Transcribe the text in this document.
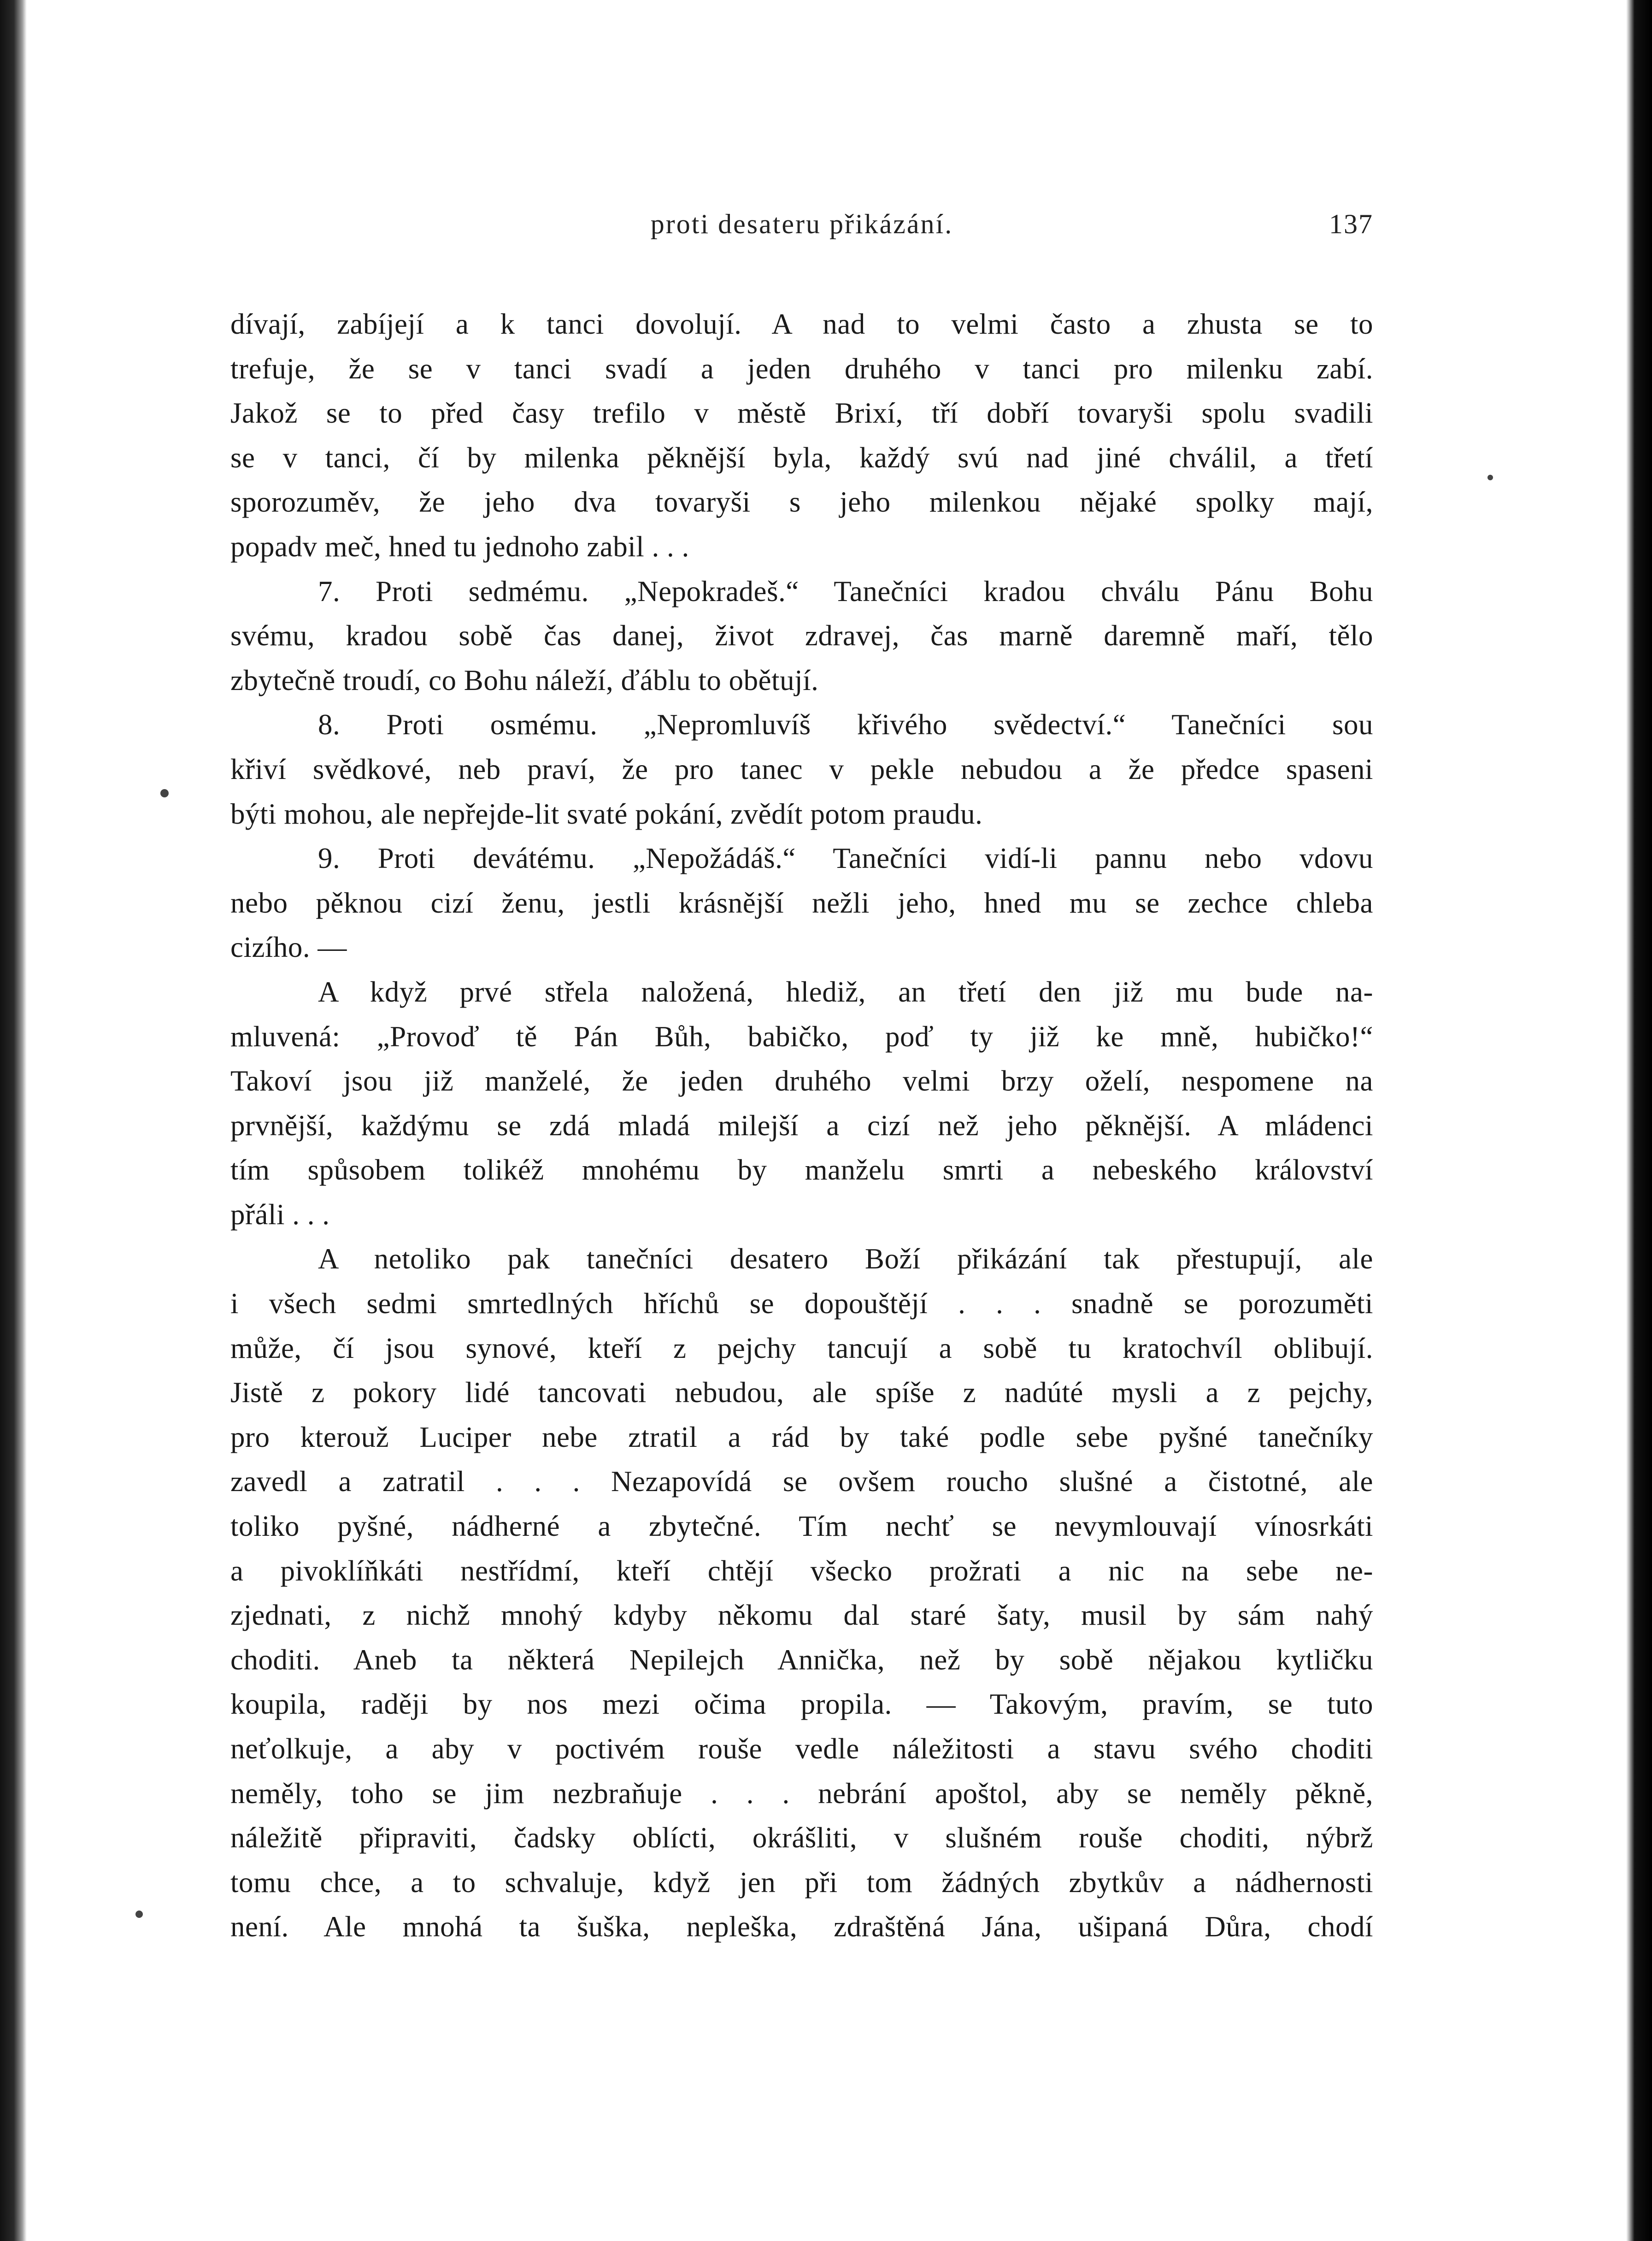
proti desateru přikázání.	137
dívají, zabíjejí a k tanci dovolují. A nad to velmi často a zhusta se to
trefuje, že se v tanci svadí a jeden druhého v tanci pro milenku zabí.
Jakož se to před časy trefilo v městě Brixí, tří dobří tovaryši spolu svadili
se v tanci, čí by milenka pěknější byla, každý svú nad jiné chválil, a třetí
sporozuměv, že jeho dva tovaryši s jeho milenkou nějaké spolky mají,
popadv meč, hned tu jednoho zabil . . .
7. Proti sedmému. „Nepokradeš.“ Tanečníci kradou chválu Pánu Bohu
svému, kradou sobě čas danej, život zdravej, čas marně daremně maří, tělo
zbytečně troudí, co Bohu náleží, ďáblu to obětují.
8. Proti osmému. „Nepromluvíš křivého svědectví.“ Tanečníci sou
křiví svědkové, neb praví, že pro tanec v pekle nebudou a že předce spaseni
býti mohou, ale nepřejde-lit svaté pokání, zvědít potom praudu.
9. Proti devátému. „Nepožádáš.“ Tanečníci vidí-li pannu nebo vdovu
nebo pěknou cizí ženu, jestli krásnější nežli jeho, hned mu se zechce chleba
cizího. —
A když prvé střela naložená, hlediž, an třetí den již mu bude na-
mluvená: „Provoď tě Pán Bůh, babičko, poď ty již ke mně, hubičko!“
Takoví jsou již manželé, že jeden druhého velmi brzy oželí, nespomene na
prvnější, každýmu se zdá mladá milejší a cizí než jeho pěknější. A mládenci
tím spůsobem tolikéž mnohému by manželu smrti a nebeského království
přáli . . .
A netoliko pak tanečníci desatero Boží přikázání tak přestupují, ale
i všech sedmi smrtedlných hříchů se dopouštějí . . . snadně se porozuměti
může, čí jsou synové, kteří z pejchy tancují a sobě tu kratochvíl oblibují.
Jistě z pokory lidé tancovati nebudou, ale spíše z nadúté mysli a z pejchy,
pro kterouž Luciper nebe ztratil a rád by také podle sebe pyšné tanečníky
zavedl a zatratil . . . Nezapovídá se ovšem roucho slušné a čistotné, ale
toliko pyšné, nádherné a zbytečné. Tím nechť se nevymlouvají vínosrkáti
a pivoklíňkáti nestřídmí, kteří chtějí všecko prožrati a nic na sebe ne-
zjednati, z nichž mnohý kdyby někomu dal staré šaty, musil by sám nahý
choditi. Aneb ta některá Nepilejch Annička, než by sobě nějakou kytličku
koupila, raději by nos mezi očima propila. — Takovým, pravím, se tuto
neťolkuje, a aby v poctivém rouše vedle náležitosti a stavu svého choditi
neměly, toho se jim nezbraňuje . . . nebrání apoštol, aby se neměly pěkně,
náležitě připraviti, čadsky oblícti, okrášliti, v slušném rouše choditi, nýbrž
tomu chce, a to schvaluje, když jen při tom žádných zbytkův a nádhernosti
není. Ale mnohá ta šuška, nepleška, zdraštěná Jána, ušipaná Důra, chodí
